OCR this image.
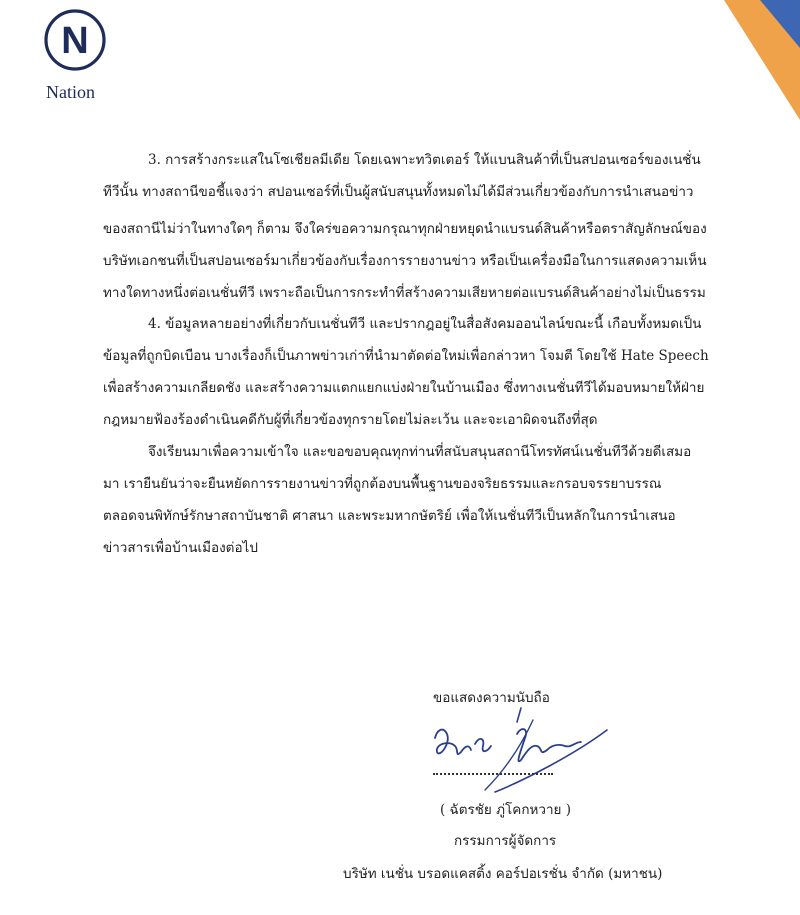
N
Nation
3. การสร้างกระแสในโซเชียลมีเดีย โดยเฉพาะทวิตเตอร์ ให้แบนสินค้าที่เป็นสปอนเซอร์ของเนชั่น
ทีวีนั้น ทางสถานีขอชี้แจงว่า สปอนเซอร์ที่เป็นผู้สนับสนุนทั้งหมดไม่ได้มีส่วนเกี่ยวข้องกับการนำเสนอข่าว
ของสถานีไม่ว่าในทางใดๆ ก็ตาม จึงใคร่ขอความกรุณาทุกฝ่ายหยุดนำแบรนด์สินค้าหรือตราสัญลักษณ์ของ
บริษัทเอกชนที่เป็นสปอนเซอร์มาเกี่ยวข้องกับเรื่องการรายงานข่าว หรือเป็นเครื่องมือในการแสดงความเห็น
ทางใดทางหนึ่งต่อเนชั่นทีวี เพราะถือเป็นการกระทำที่สร้างความเสียหายต่อแบรนด์สินค้าอย่างไม่เป็นธรรม
4. ข้อมูลหลายอย่างที่เกี่ยวกับเนชั่นทีวี และปรากฎอยู่ในสื่อสังคมออนไลน์ขณะนี้ เกือบทั้งหมดเป็น
ข้อมูลที่ถูกบิดเบือน บางเรื่องก็เป็นภาพข่าวเก่าที่นำมาตัดต่อใหม่เพื่อกล่าวหา โจมตี โดยใช้ Hate Speech
เพื่อสร้างความเกลียดชัง และสร้างความแตกแยกแบ่งฝ่ายในบ้านเมือง ซึ่งทางเนชั่นทีวีได้มอบหมายให้ฝ่าย
กฎหมายฟ้องร้องดำเนินคดีกับผู้ที่เกี่ยวข้องทุกรายโดยไม่ละเว้น และจะเอาผิดจนถึงที่สุด
จึงเรียนมาเพื่อความเข้าใจ และขอขอบคุณทุกท่านที่สนับสนุนสถานีโทรทัศน์เนชั่นทีวีด้วยดีเสมอ
มา เรายืนยันว่าจะยืนหยัดการรายงานข่าวที่ถูกต้องบนพื้นฐานของจริยธรรมและกรอบจรรยาบรรณ
ตลอดจนพิทักษ์รักษาสถาบันชาติ ศาสนา และพระมหากษัตริย์ เพื่อให้เนชั่นทีวีเป็นหลักในการนำเสนอ
ข่าวสารเพื่อบ้านเมืองต่อไป
ขอแสดงความนับถือ
( ฉัตรชัย ภู่โคกหวาย )
กรรมการผู้จัดการ
บริษัท เนชั่น บรอดแคสติ้ง คอร์ปอเรชั่น จำกัด (มหาชน)
